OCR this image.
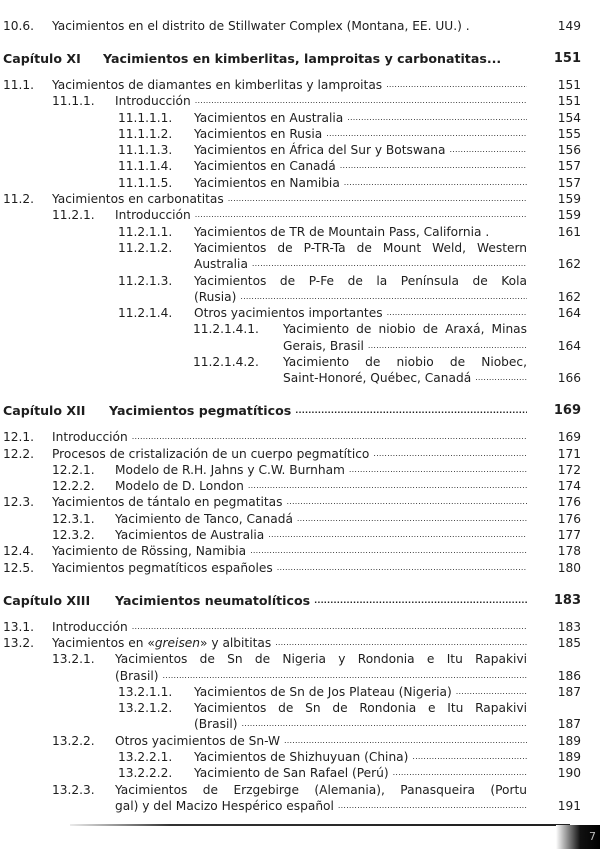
10.6. Yacimientos en el distrito de Stillwater Complex (Montana, EE. UU.) .	149
Capítulo XI Yacimientos en kimberlitas, lamproitas y carbonatitas...	151
11.1. Yacimientos de diamantes en kimberlitas y lamproitas .....	151
11.1.1. Introducción .....	151
11.1.1.1. Yacimientos en Australia .....	154
11.1.1.2. Yacimientos en Rusia .....	155
11.1.1.3. Yacimientos en África del Sur y Botswana .....	156
11.1.1.4. Yacimientos en Canadá .....	157
11.1.1.5. Yacimientos en Namibia .....	157
11.2. Yacimientos en carbonatitas .....	159
11.2.1. Introducción .....	159
11.2.1.1. Yacimientos de TR de Mountain Pass, California .	161
11.2.1.2. Yacimientos de P-TR-Ta de Mount Weld, Western
Australia .....	162
11.2.1.3. Yacimientos de P-Fe de la Península de Kola
(Rusia) .....	162
11.2.1.4. Otros yacimientos importantes .....	164
11.2.1.4.1. Yacimiento de niobio de Araxá, Minas
Gerais, Brasil .....	164
11.2.1.4.2. Yacimiento de niobio de Niobec,
Saint-Honoré, Québec, Canadá .....	166
Capítulo XII Yacimientos pegmatíticos .....	169
12.1. Introducción .....	169
12.2. Procesos de cristalización de un cuerpo pegmatítico .....	171
12.2.1. Modelo de R.H. Jahns y C.W. Burnham .....	172
12.2.2. Modelo de D. London .....	174
12.3. Yacimientos de tántalo en pegmatitas .....	176
12.3.1. Yacimiento de Tanco, Canadá .....	176
12.3.2. Yacimientos de Australia .....	177
12.4. Yacimiento de Rössing, Namibia .....	178
12.5. Yacimientos pegmatíticos españoles .....	180
Capítulo XIII Yacimientos neumatolíticos .....	183
13.1. Introducción .....	183
13.2. Yacimientos en «greisen» y albititas .....	185
13.2.1. Yacimientos de Sn de Nigeria y Rondonia e Itu Rapakivi
(Brasil) .....	186
13.2.1.1. Yacimientos de Sn de Jos Plateau (Nigeria) .....	187
13.2.1.2. Yacimientos de Sn de Rondonia e Itu Rapakivi
(Brasil) .....	187
13.2.2. Otros yacimientos de Sn-W .....	189
13.2.2.1. Yacimientos de Shizhuyuan (China) .....	189
13.2.2.2. Yacimiento de San Rafael (Perú) .....	190
13.2.3. Yacimientos de Erzgebirge (Alemania), Panasqueira (Portu
gal) y del Macizo Hespérico español .....	191
7
